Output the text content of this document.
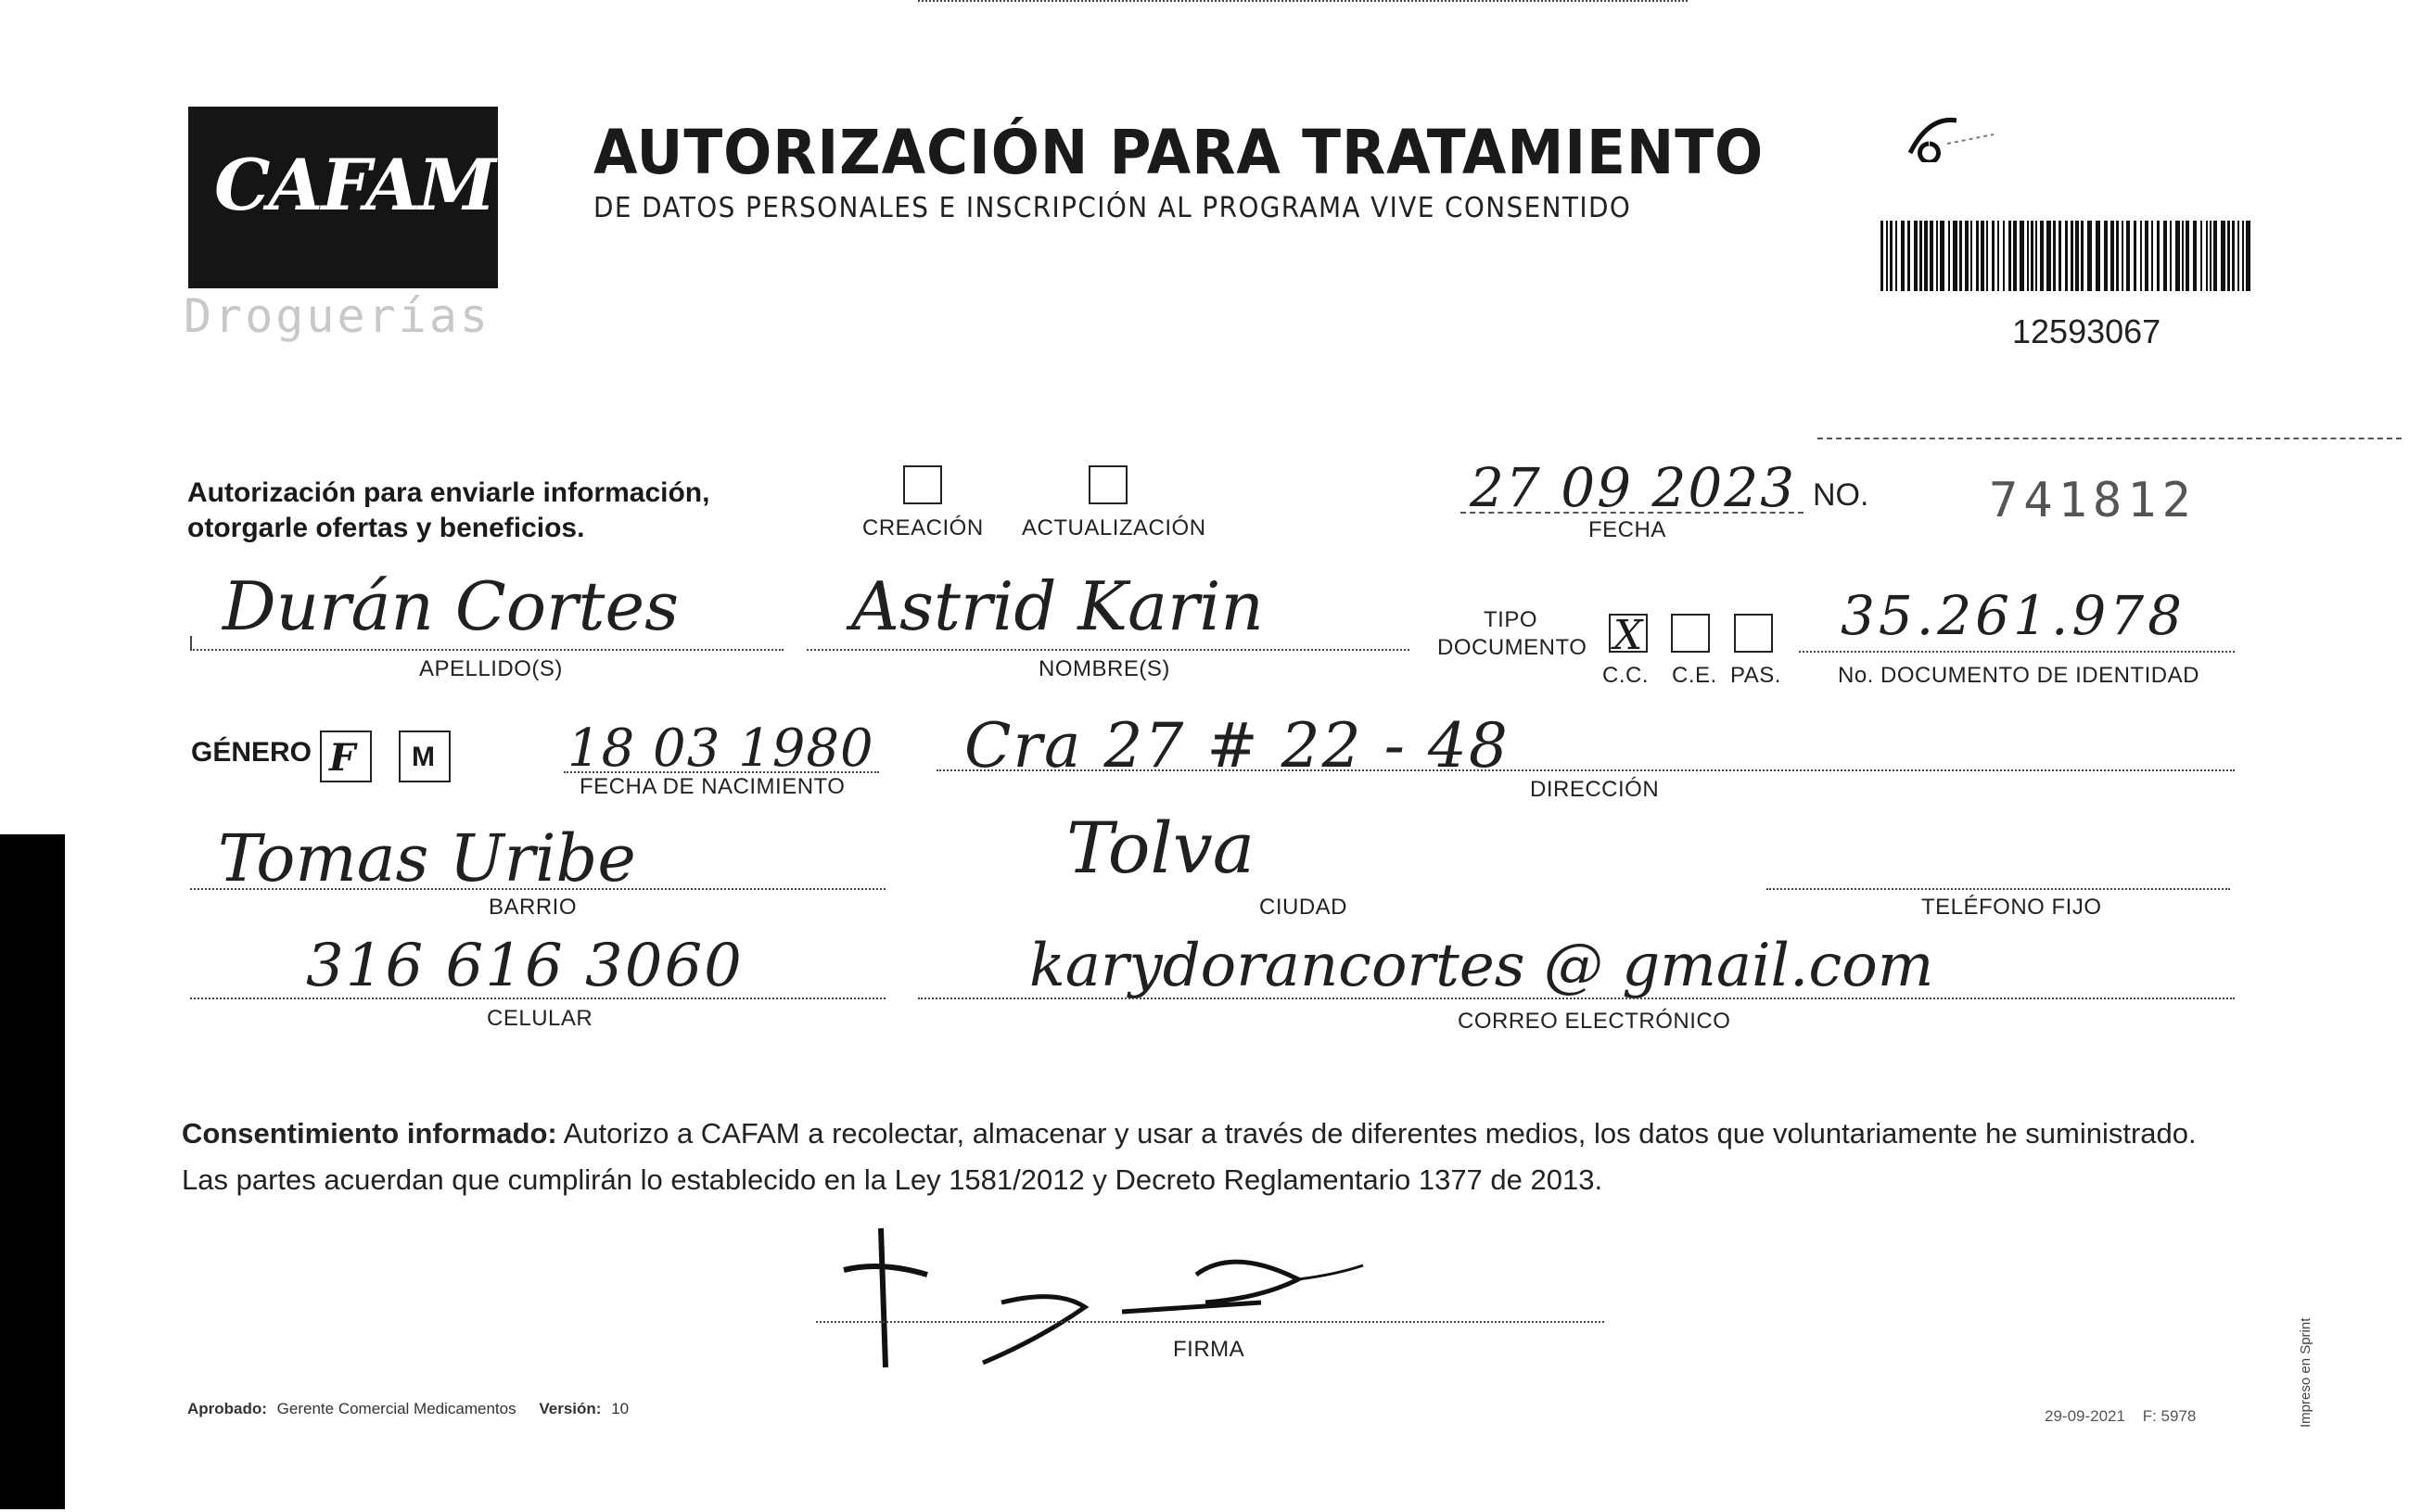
CAFAM
Droguerías
AUTORIZACIÓN PARA TRATAMIENTO
DE DATOS PERSONALES E INSCRIPCIÓN AL PROGRAMA VIVE CONSENTIDO
12593067
Autorización para enviarle información,
otorgarle ofertas y beneficios.	CREACIÓN ACTUALIZACIÓN
27 09 2023
FECHA
NO. 741812
Durán Cortes
APELLIDO(S)
Astrid Karin
NOMBRE(S)
TIPO
DOCUMENTO X
C.C. C.E. PAS.
35.261.978
No. DOCUMENTO DE IDENTIDAD
GÉNERO F M	18 03 1980
FECHA DE NACIMIENTO
Cra 27 # 22 - 48
DIRECCIÓN
Tomas Uribe
BARRIO
Tolva
CIUDAD	TELÉFONO FIJO
316 616 3060
CELULAR
karydorancortes @ gmail.com
CORREO ELECTRÓNICO
Consentimiento informado: Autorizo a CAFAM a recolectar, almacenar y usar a través de diferentes medios, los datos que voluntariamente he suministrado.
Las partes acuerdan que cumplirán lo establecido en la Ley 1581/2012 y Decreto Reglamentario 1377 de 2013.
FIRMA
Aprobado: Gerente Comercial Medicamentos Versión: 10	29-09-2021 F: 5978	Impreso en Sprint
